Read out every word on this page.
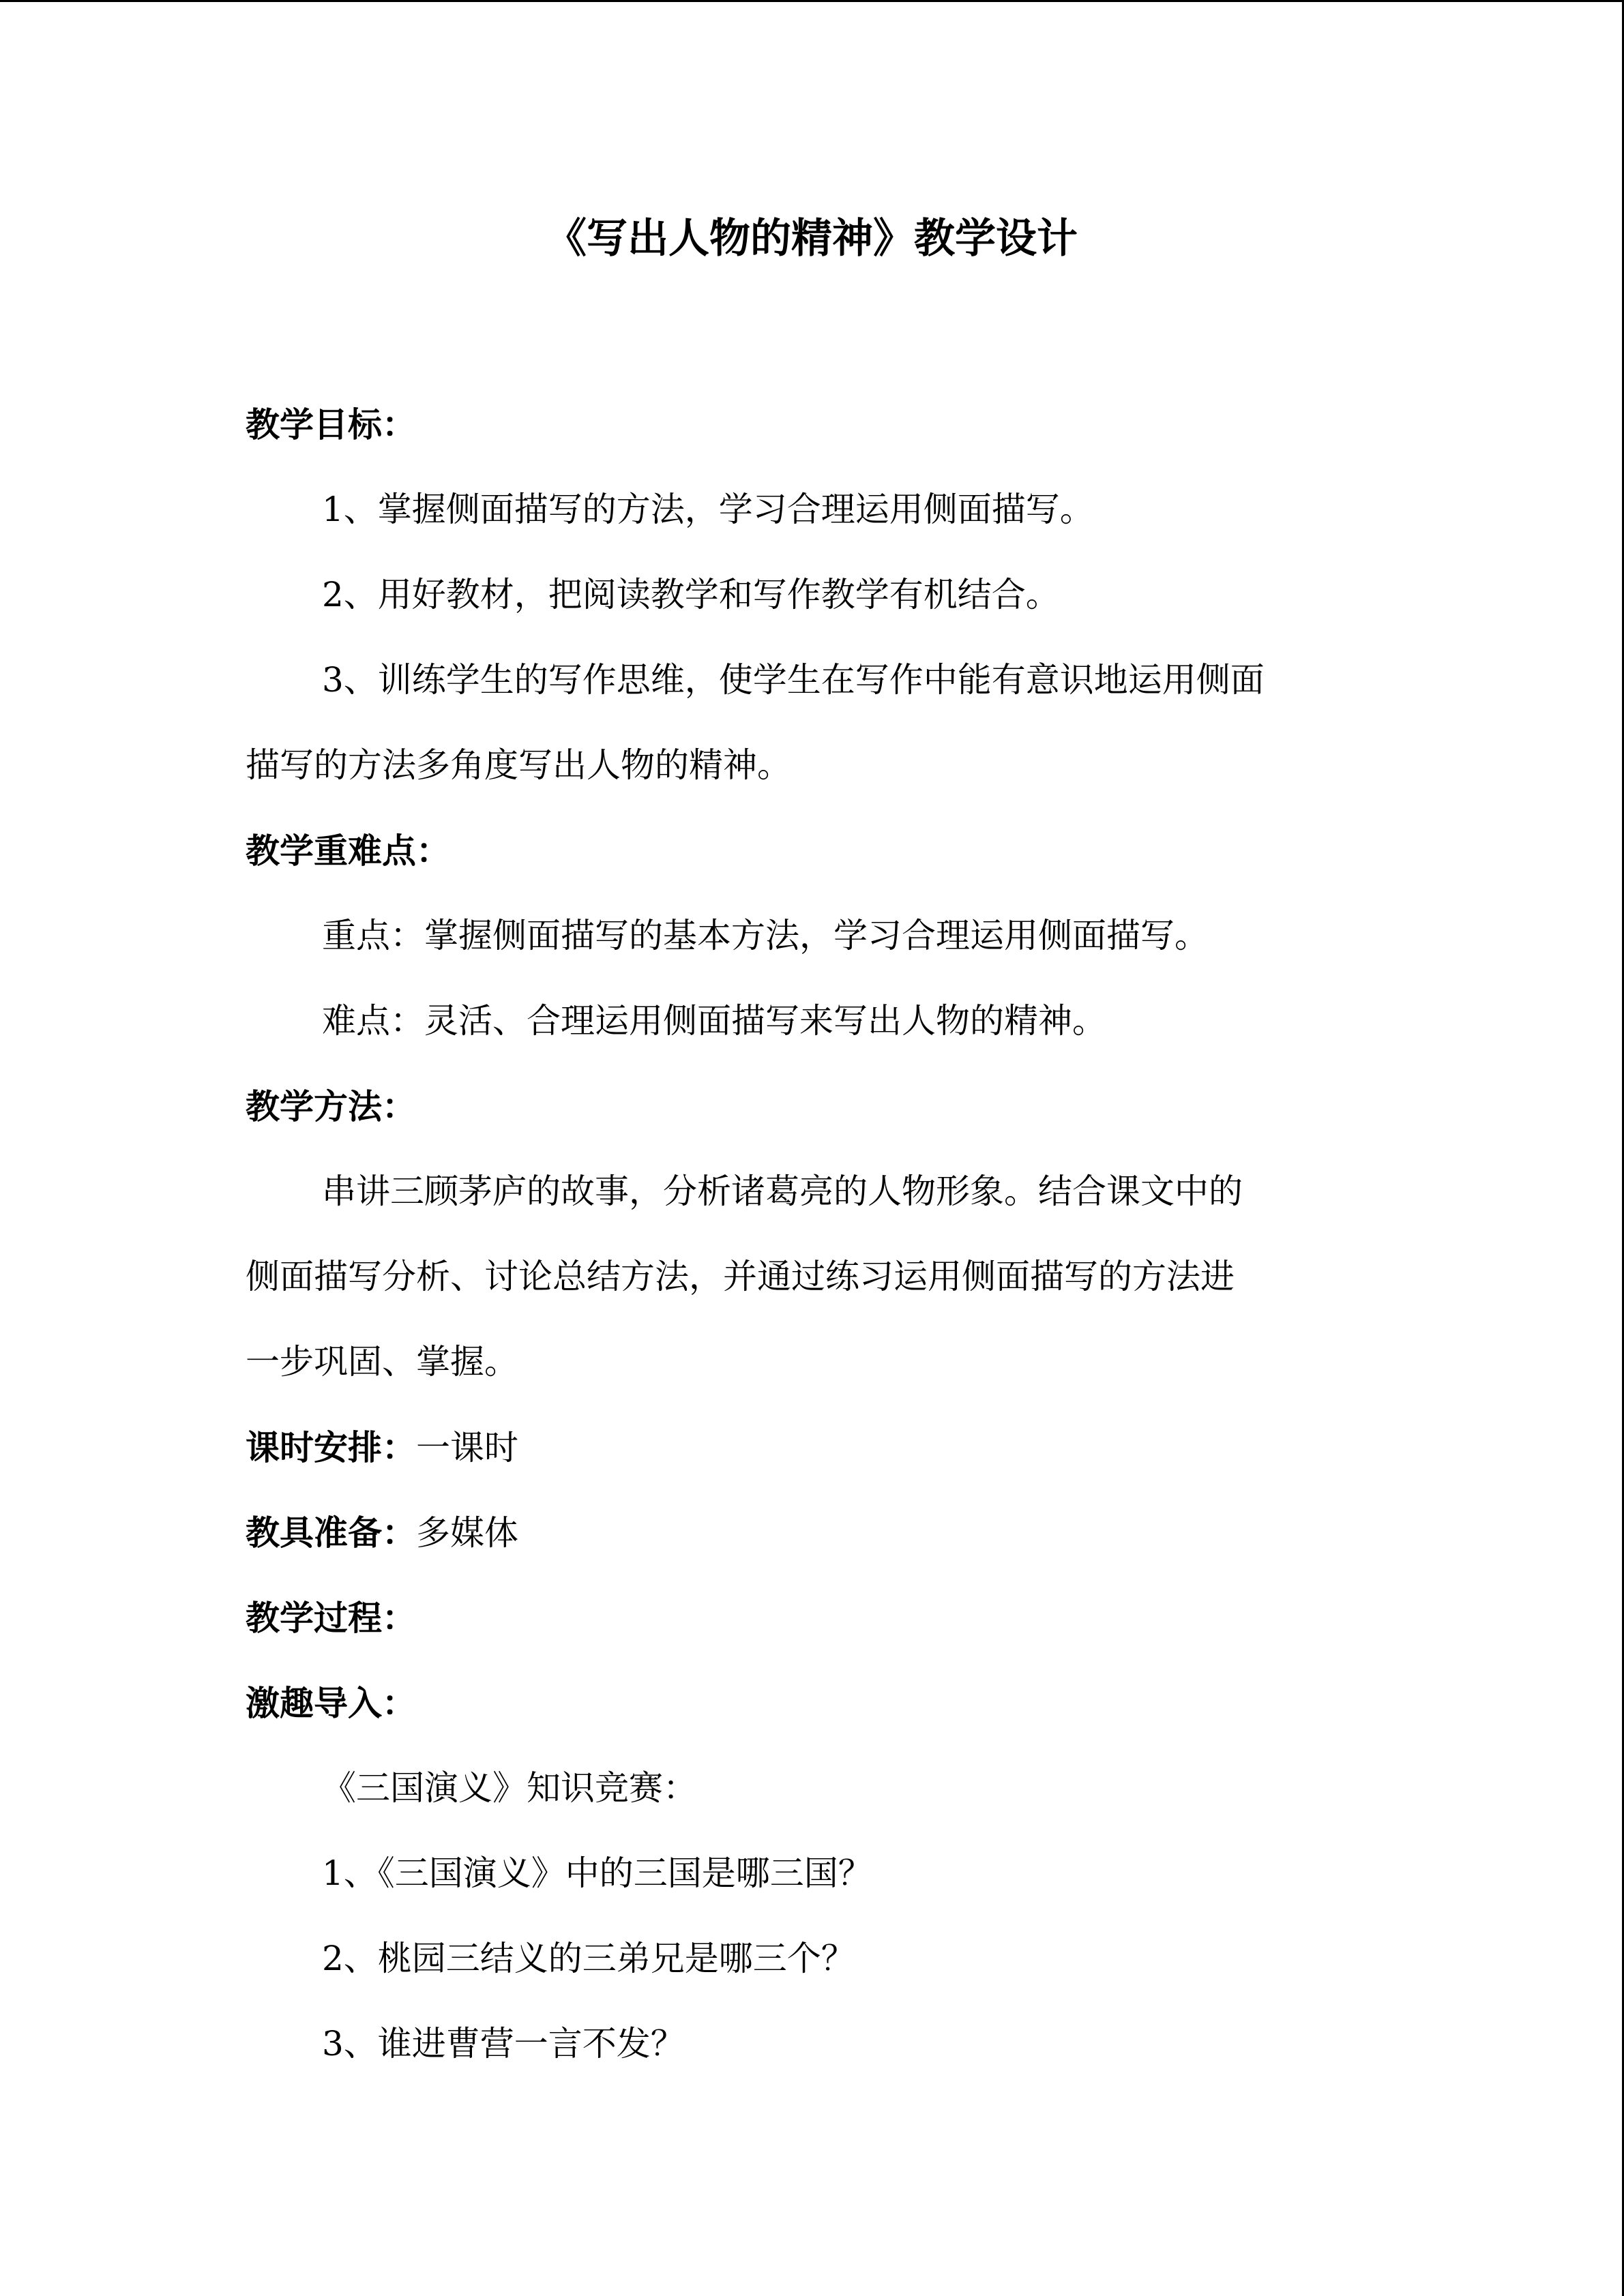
《写出人物的精神》教学设计
教学目标：
1、掌握侧面描写的方法，学习合理运用侧面描写。
2、用好教材，把阅读教学和写作教学有机结合。
3、训练学生的写作思维，使学生在写作中能有意识地运用侧面
描写的方法多角度写出人物的精神。
教学重难点：
重点：掌握侧面描写的基本方法，学习合理运用侧面描写。
难点：灵活、合理运用侧面描写来写出人物的精神。
教学方法：
串讲三顾茅庐的故事，分析诸葛亮的人物形象。结合课文中的
侧面描写分析、讨论总结方法，并通过练习运用侧面描写的方法进
一步巩固、掌握。
课时安排：一课时
教具准备：多媒体
教学过程：
激趣导入：
《三国演义》知识竞赛：
1、《三国演义》中的三国是哪三国？
2、桃园三结义的三弟兄是哪三个？
3、谁进曹营一言不发？
